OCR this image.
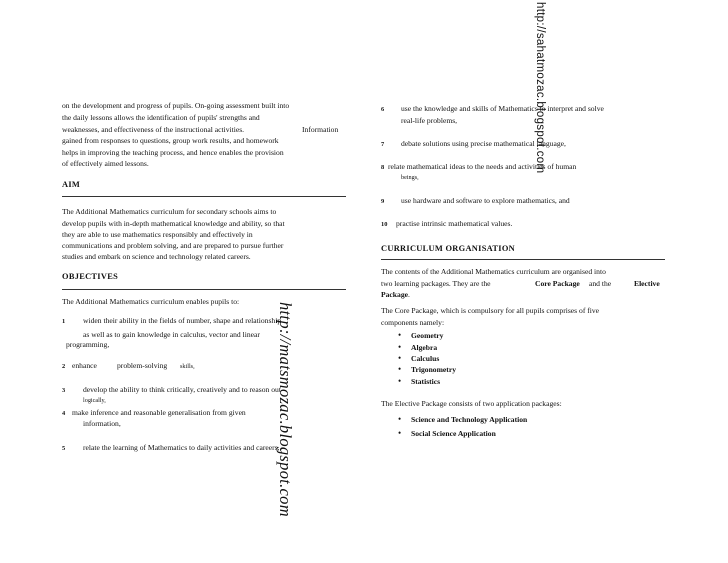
http://sahatmozac.blogspot.com
http://matsmozac.blogspot.com
on the development and progress of pupils. On-going assessment built into
the daily lessons allows the identification of pupils' strengths and
weaknesses, and effectiveness of the instructional activities.	Information
gained from responses to questions, group work results, and homework
helps in improving the teaching process, and hence enables the provision
of effectively aimed lessons.
AIM
The Additional Mathematics curriculum for secondary schools aims to
develop pupils with in-depth mathematical knowledge and ability, so that
they are able to use mathematics responsibly and effectively in
communications and problem solving, and are prepared to pursue further
studies and embark on science and technology related careers.
OBJECTIVES
The Additional Mathematics curriculum enables pupils to:
1 widen their ability in the fields of number, shape and relationship
as well as to gain knowledge in calculus, vector and linear
programming,
2 enhance	problem-solving skills,
3 develop the ability to think critically, creatively and to reason out
logically,
4 make inference and reasonable generalisation from given
information,
5 relate the learning of Mathematics to daily activities and careers,
6 use the knowledge and skills of Mathematics to interpret and solve
real-life problems,
7 debate solutions using precise mathematical language,
8 relate mathematical ideas to the needs and activities of human
beings,
9 use hardware and software to explore mathematics, and
10 practise intrinsic mathematical values.
CURRICULUM ORGANISATION
The contents of the Additional Mathematics curriculum are organised into
two learning packages. They are the	Core Package and the	Elective
Package.
The Core Package, which is compulsory for all pupils comprises of five
components namely:
• Geometry
• Algebra
• Calculus
• Trigonometry
• Statistics
The Elective Package consists of two application packages:
• Science and Technology Application
• Social Science Application
